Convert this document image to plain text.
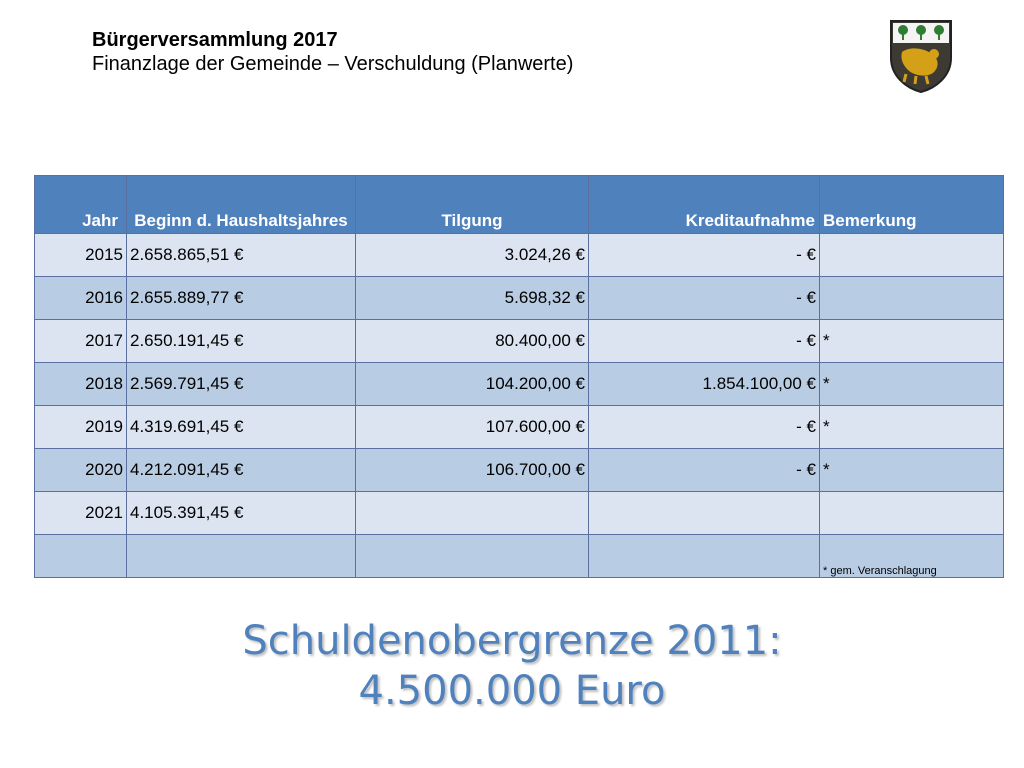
Bürgerversammlung 2017
Finanzlage der Gemeinde – Verschuldung (Planwerte)
Jahr	Beginn d. Haushaltsjahres	Tilgung	Kreditaufnahme	Bemerkung
2015	2.658.865,51 €	3.024,26 €	- €	
2016	2.655.889,77 €	5.698,32 €	- €	
2017	2.650.191,45 €	80.400,00 €	- €	*
2018	2.569.791,45 €	104.200,00 €	1.854.100,00 €	*
2019	4.319.691,45 €	107.600,00 €	- €	*
2020	4.212.091,45 €	106.700,00 €	- €	*
2021	4.105.391,45 €			
				* gem. Veranschlagung
Schuldenobergrenze 2011:
4.500.000 Euro
